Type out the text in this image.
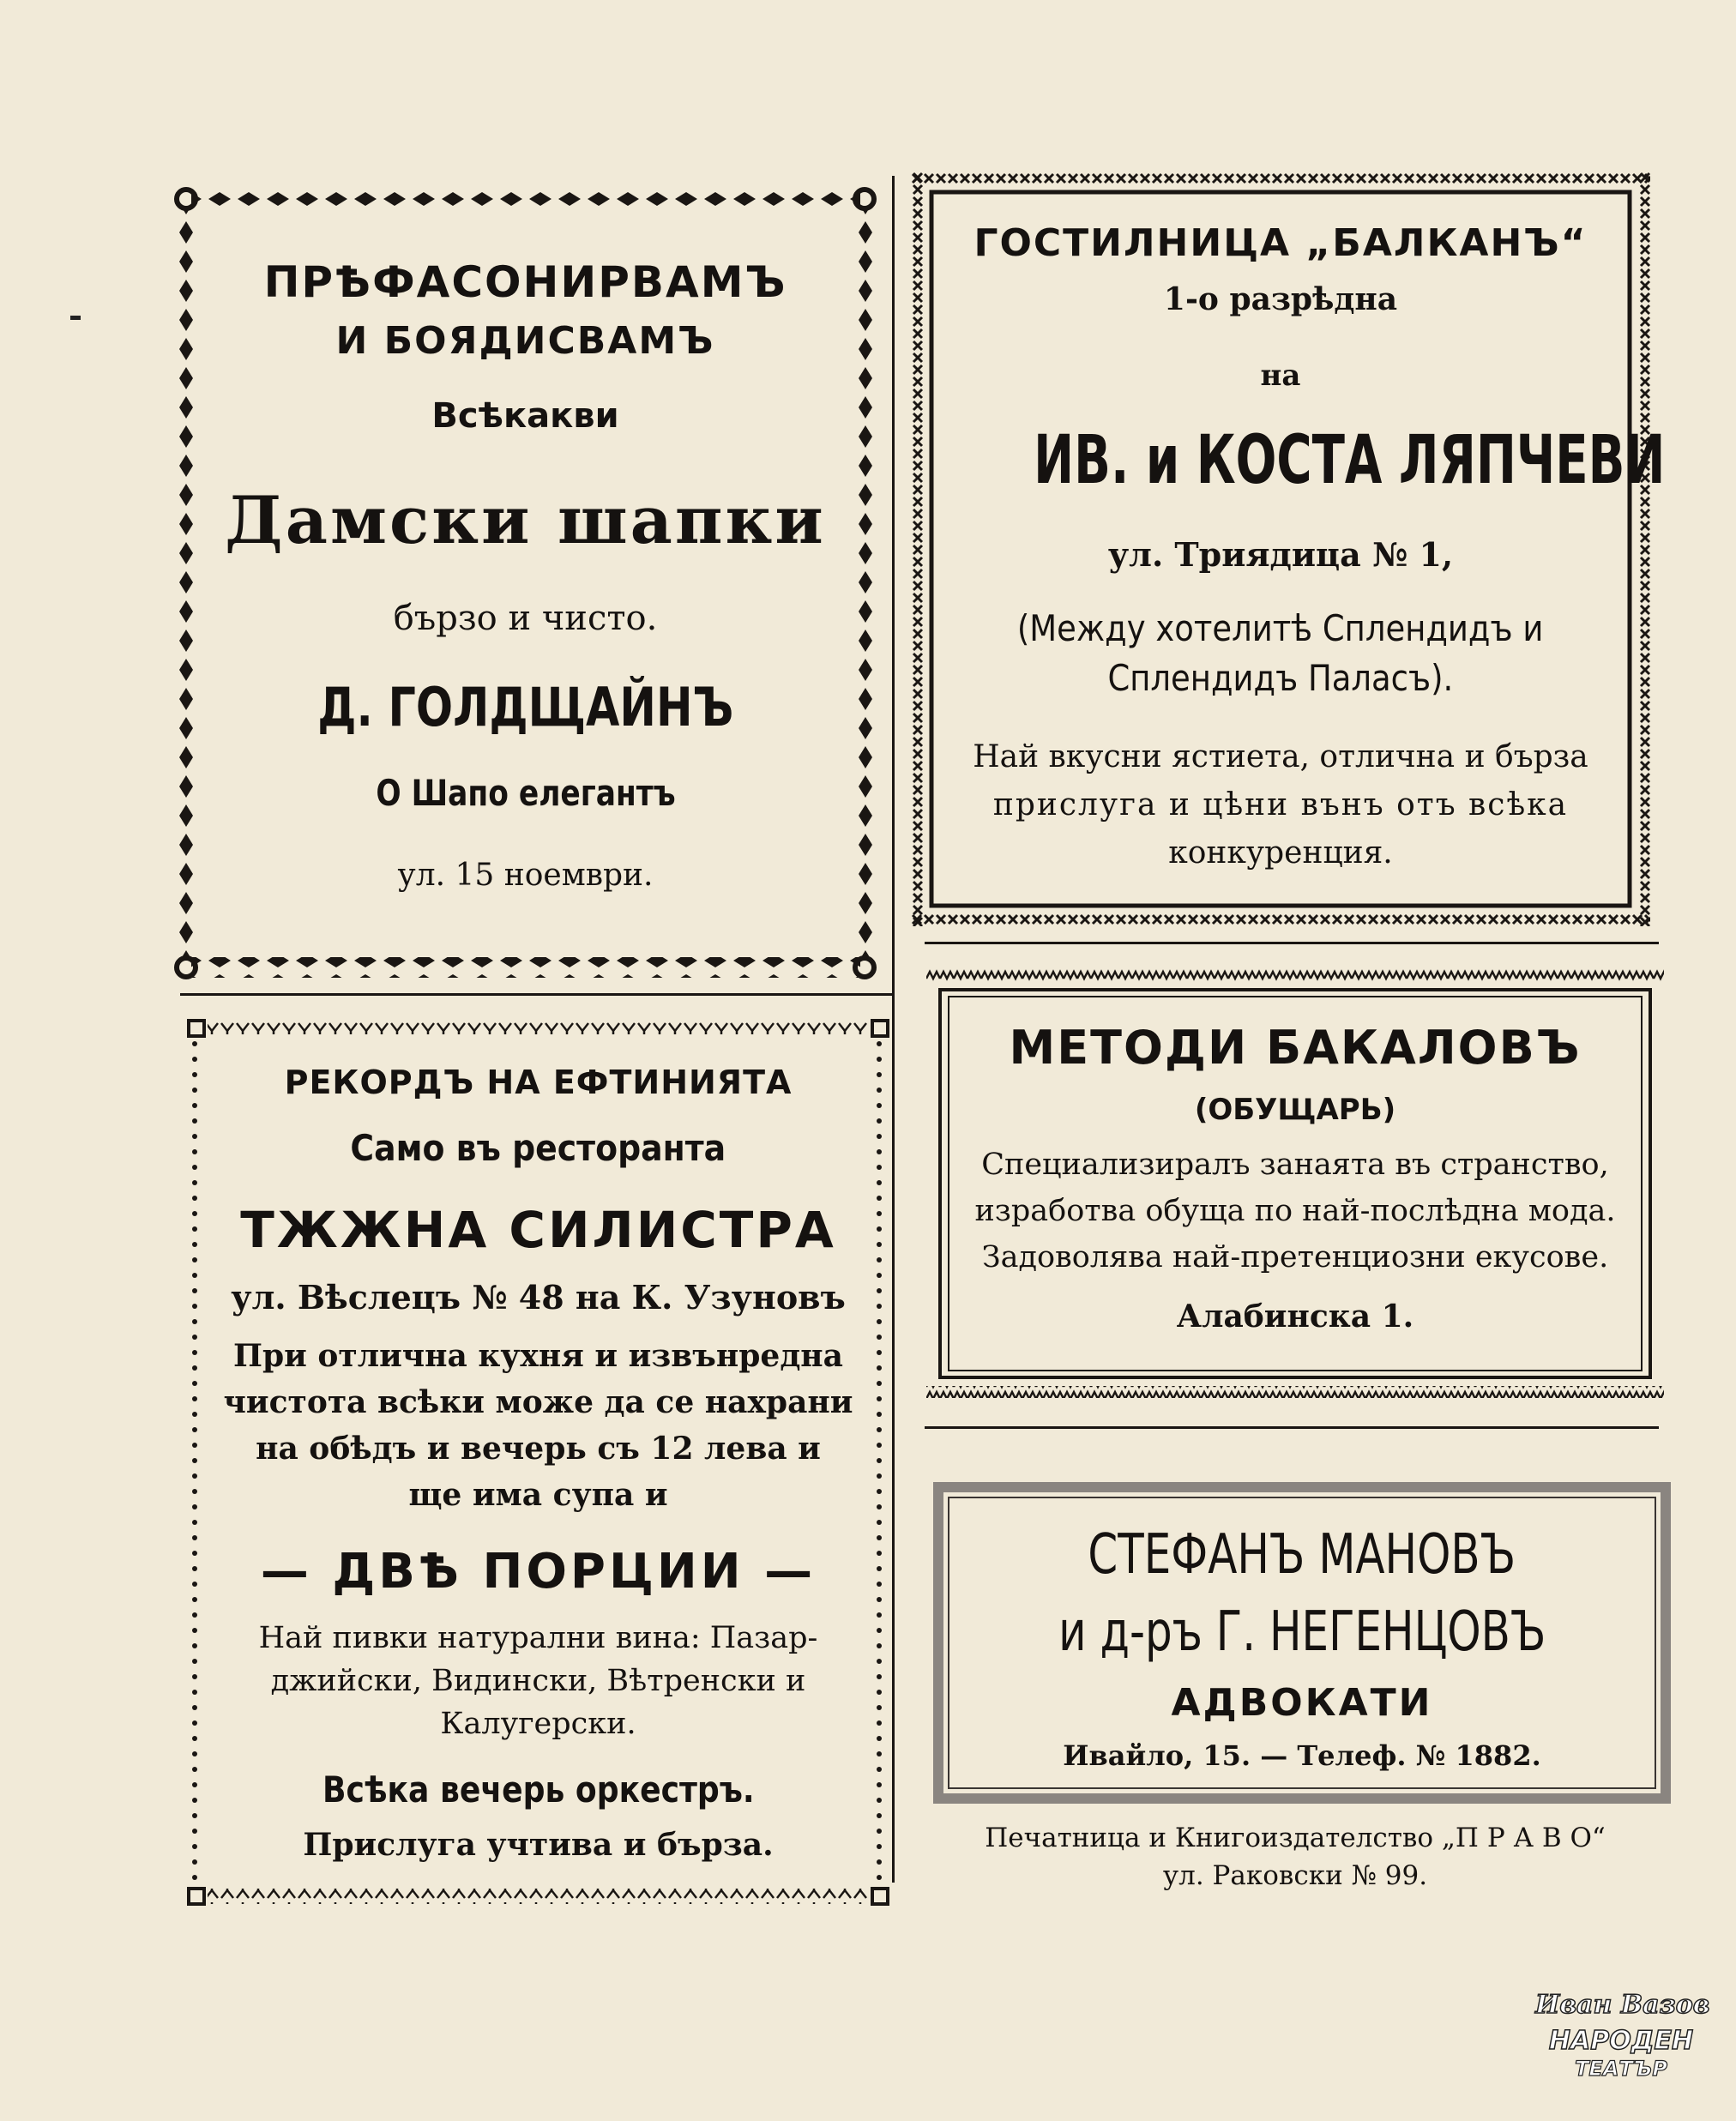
ПРѢФАСОНИРВАМЪ
И БОЯДИСВАМЪ
Всѣкакви
Дамски шапки
бързо и чисто.
Д. ГОЛДЩАЙНЪ
О Шапо елегантъ
ул. 15 ноември.
ГОСТИЛНИЦА „БАЛКАНЪ“
1-о разрѣдна
на
ИВ. и КОСТА ЛЯПЧЕВИ
ул. Триядица № 1,
(Между хотелитѣ Сплендидъ и
Сплендидъ Паласъ).
Най вкусни ястиета, отлична и бърза
прислуга и цѣни вънъ отъ всѣка
конкуренция.
РЕКОРДЪ НА ЕФТИНИЯТА
Само въ ресторанта
ТЖЖНА СИЛИСТРА
ул. Вѣслецъ № 48 на К. Узуновъ
При отлична кухня и извънредна
чистота всѣки може да се нахрани
на обѣдъ и вечерь съ 12 лева и
ще има супа и
— ДВѢ ПОРЦИИ —
Най пивки натурални вина: Пазар-
джийски, Видински, Вѣтренски и
Калугерски.
Всѣка вечерь оркестръ.
Прислуга учтива и бърза.
МЕТОДИ БАКАЛОВЪ
(ОБУЩАРЬ)
Специализиралъ занаята въ странство,
изработва обуща по най-послѣдна мода.
Задоволява най-претенциозни екусове.
Алабинска 1.
СТЕФАНЪ МАНОВЪ
и д-ръ Г. НЕГЕНЦОВЪ
АДВОКАТИ
Ивайло, 15. — Телеф. № 1882.
Печатница и Книгоиздателство „П Р А В О“
ул. Раковски № 99.
Иван Вазов
НАРОДЕН
ТЕАТЪР
